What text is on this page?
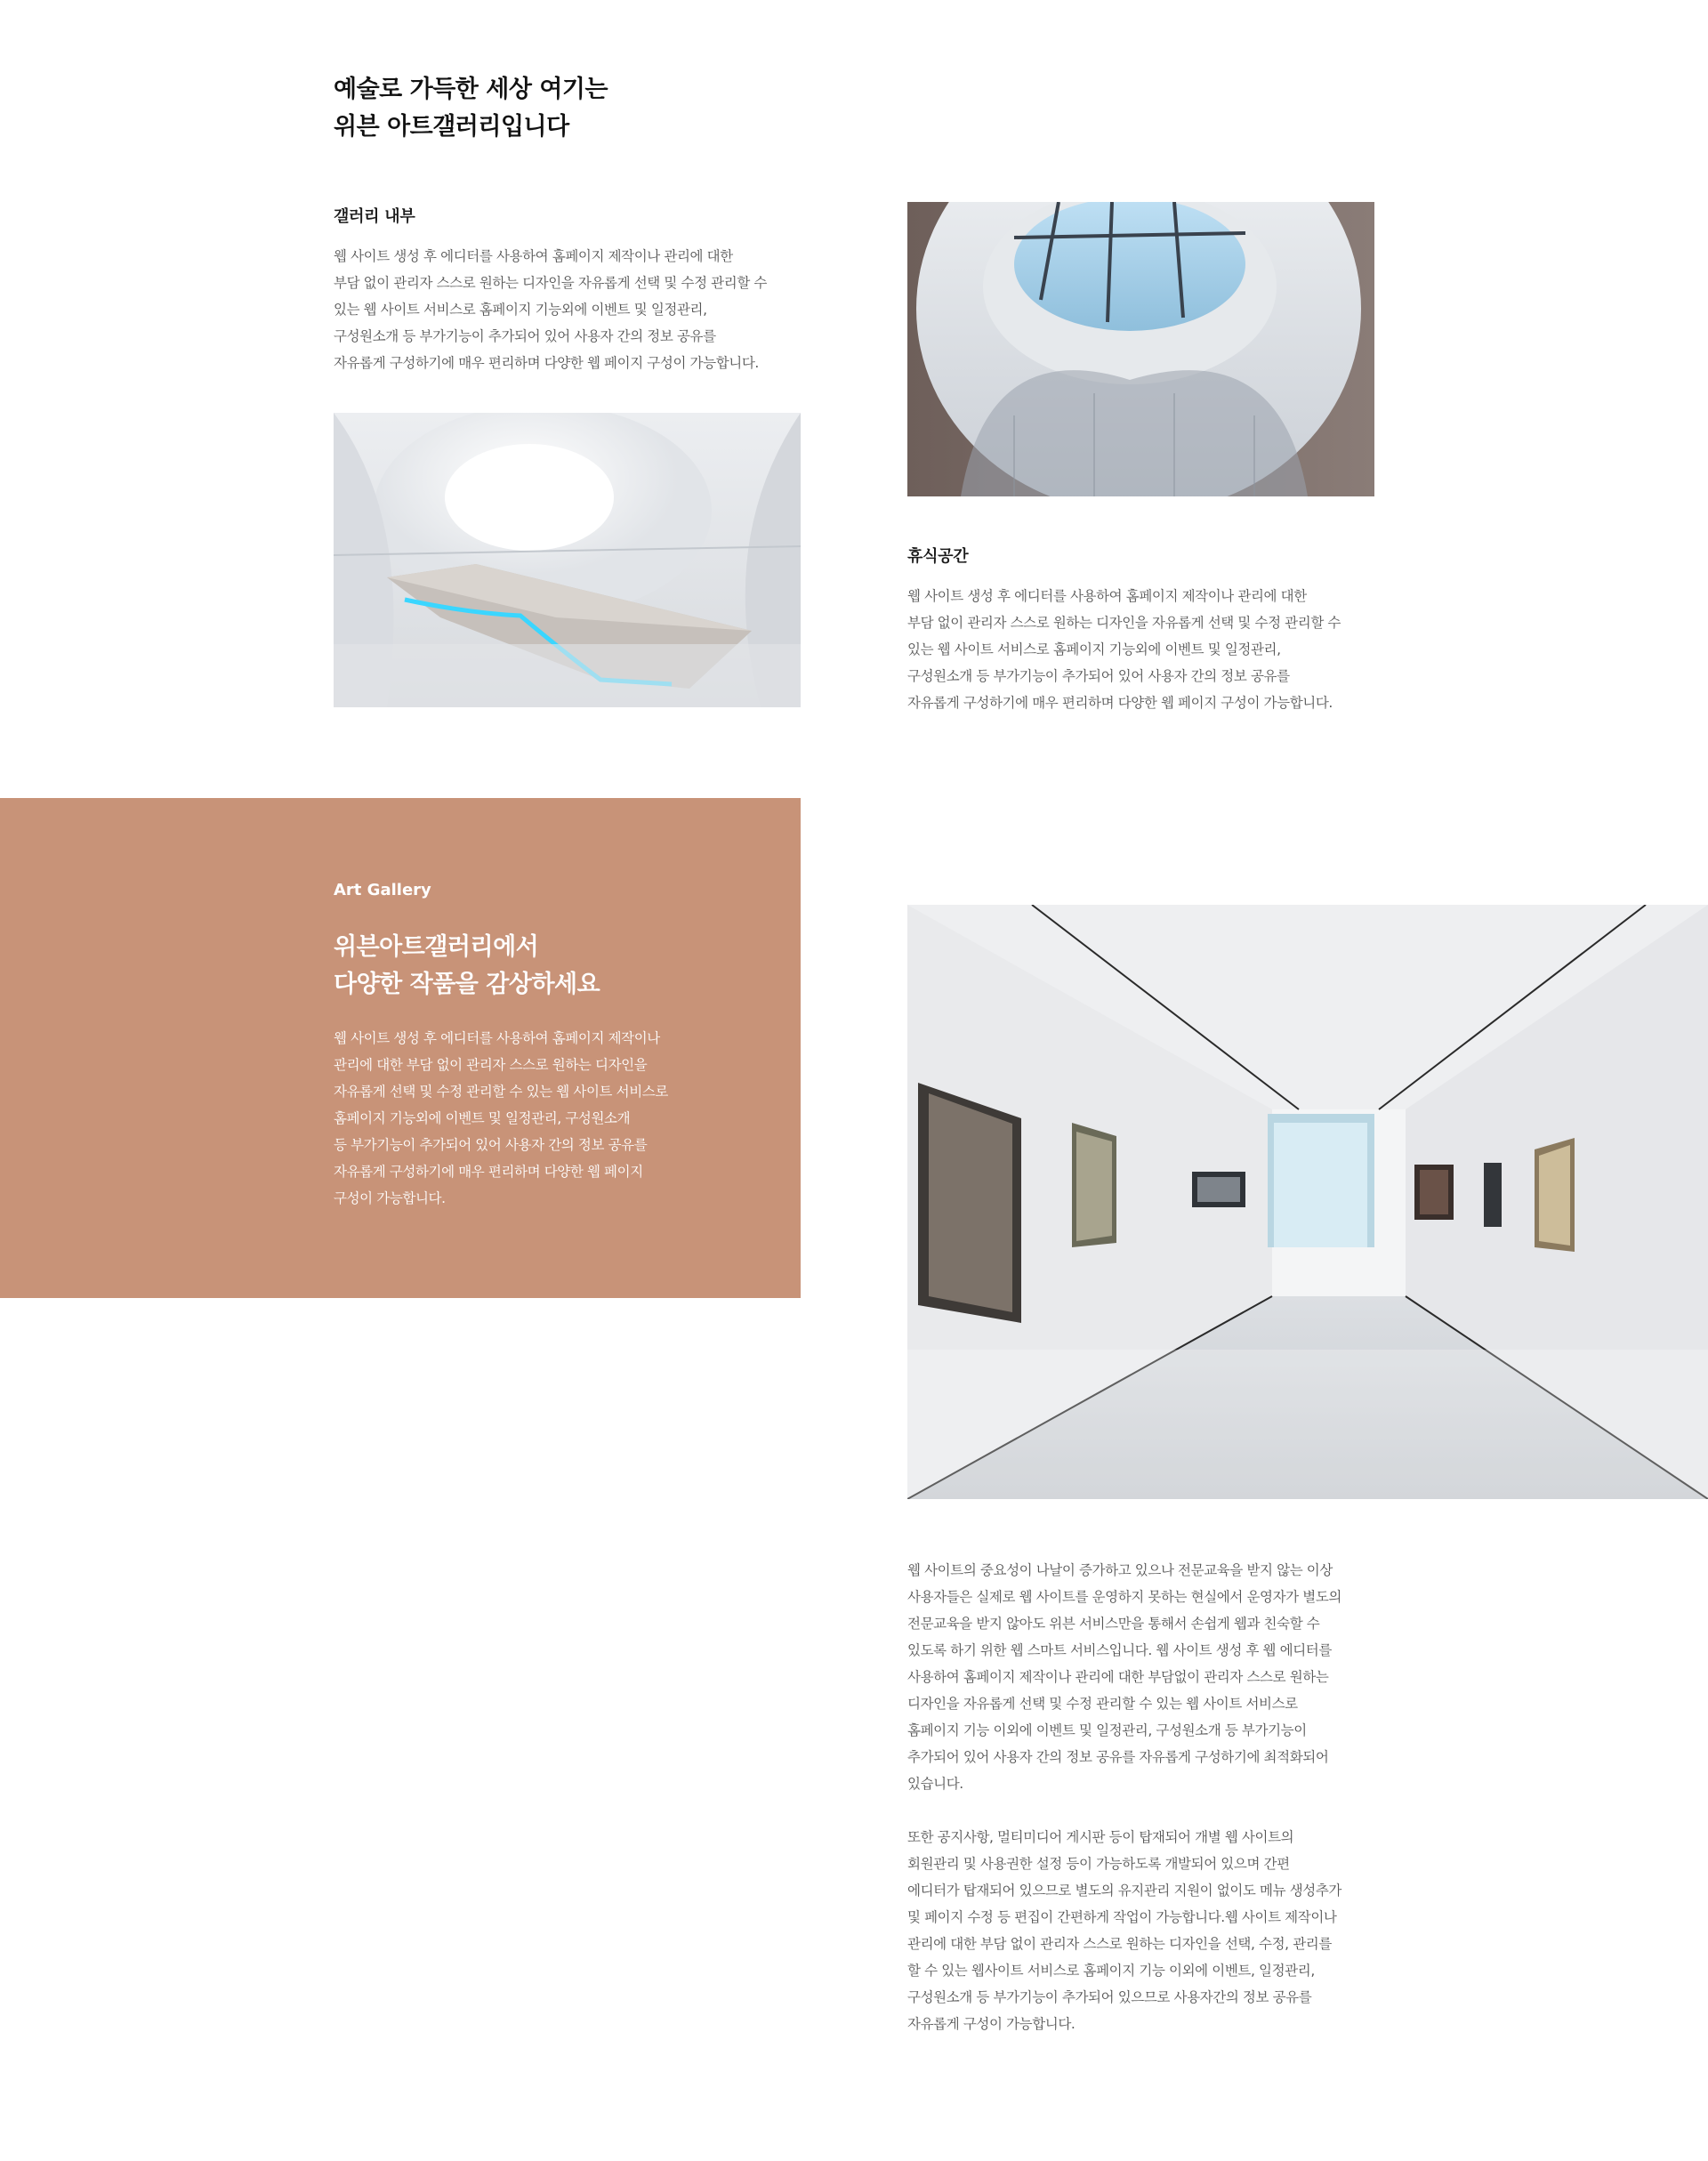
예술로 가득한 세상 여기는
위븐 아트갤러리입니다
갤러리 내부
웹 사이트 생성 후 에디터를 사용하여 홈페이지 제작이나 관리에 대한
부담 없이 관리자 스스로 원하는 디자인을 자유롭게 선택 및 수정 관리할 수
있는 웹 사이트 서비스로 홈페이지 기능외에 이벤트 및 일정관리,
구성원소개 등 부가기능이 추가되어 있어 사용자 간의 정보 공유를
자유롭게 구성하기에 매우 편리하며 다양한 웹 페이지 구성이 가능합니다.
휴식공간
웹 사이트 생성 후 에디터를 사용하여 홈페이지 제작이나 관리에 대한
부담 없이 관리자 스스로 원하는 디자인을 자유롭게 선택 및 수정 관리할 수
있는 웹 사이트 서비스로 홈페이지 기능외에 이벤트 및 일정관리,
구성원소개 등 부가기능이 추가되어 있어 사용자 간의 정보 공유를
자유롭게 구성하기에 매우 편리하며 다양한 웹 페이지 구성이 가능합니다.
Art Gallery
위븐아트갤러리에서
다양한 작품을 감상하세요
웹 사이트 생성 후 에디터를 사용하여 홈페이지 제작이나
관리에 대한 부담 없이 관리자 스스로 원하는 디자인을
자유롭게 선택 및 수정 관리할 수 있는 웹 사이트 서비스로
홈페이지 기능외에 이벤트 및 일정관리, 구성원소개
등 부가기능이 추가되어 있어 사용자 간의 정보 공유를
자유롭게 구성하기에 매우 편리하며 다양한 웹 페이지
구성이 가능합니다.
웹 사이트의 중요성이 나날이 증가하고 있으나 전문교육을 받지 않는 이상
사용자들은 실제로 웹 사이트를 운영하지 못하는 현실에서 운영자가 별도의
전문교육을 받지 않아도 위븐 서비스만을 통해서 손쉽게 웹과 친숙할 수
있도록 하기 위한 웹 스마트 서비스입니다. 웹 사이트 생성 후 웹 에디터를
사용하여 홈페이지 제작이나 관리에 대한 부담없이 관리자 스스로 원하는
디자인을 자유롭게 선택 및 수정 관리할 수 있는 웹 사이트 서비스로
홈페이지 기능 이외에 이벤트 및 일정관리, 구성원소개 등 부가기능이
추가되어 있어 사용자 간의 정보 공유를 자유롭게 구성하기에 최적화되어
있습니다.
또한 공지사항, 멀티미디어 게시판 등이 탑재되어 개별 웹 사이트의
회원관리 및 사용권한 설정 등이 가능하도록 개발되어 있으며 간편
에디터가 탑재되어 있으므로 별도의 유지관리 지원이 없이도 메뉴 생성추가
및 페이지 수정 등 편집이 간편하게 작업이 가능합니다.웹 사이트 제작이나
관리에 대한 부담 없이 관리자 스스로 원하는 디자인을 선택, 수정, 관리를
할 수 있는 웹사이트 서비스로 홈페이지 기능 이외에 이벤트, 일정관리,
구성원소개 등 부가기능이 추가되어 있으므로 사용자간의 정보 공유를
자유롭게 구성이 가능합니다.
